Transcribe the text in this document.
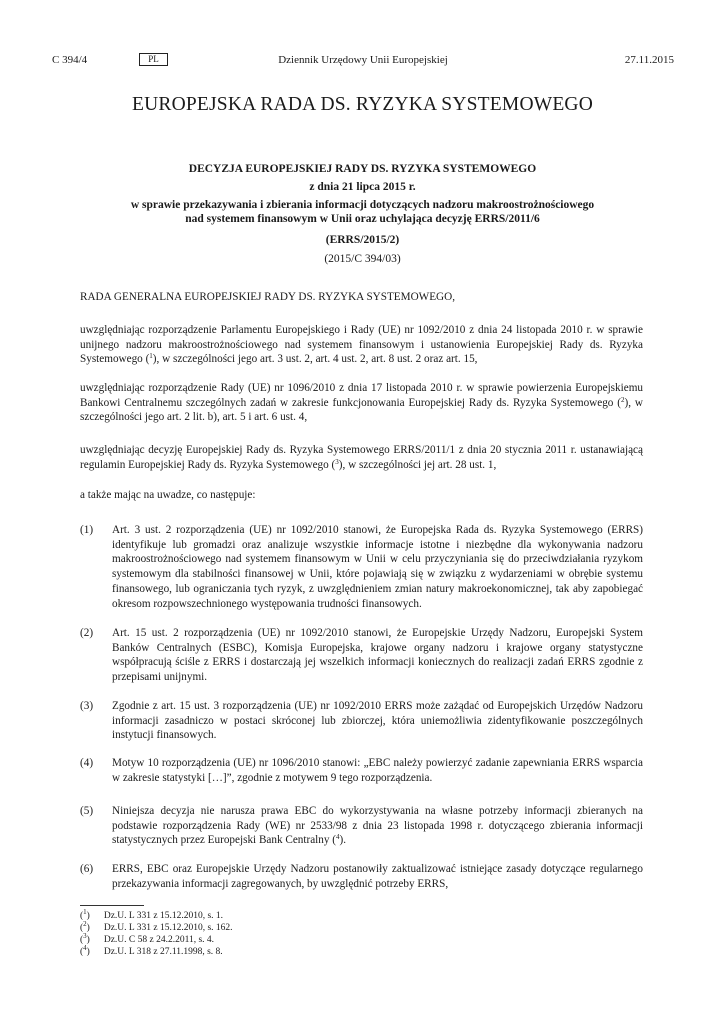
C 394/4	Dziennik Urzędowy Unii Europejskiej
PL	27.11.2015
EUROPEJSKA RADA DS. RYZYKA SYSTEMOWEGO
DECYZJA EUROPEJSKIEJ RADY DS. RYZYKA SYSTEMOWEGO
z dnia 21 lipca 2015 r.
w sprawie przekazywania i zbierania informacji dotyczących nadzoru makroostrożnościowego
nad systemem finansowym w Unii oraz uchylająca decyzję ERRS/2011/6
(ERRS/2015/2)
(2015/C 394/03)
RADA GENERALNA EUROPEJSKIEJ RADY DS. RYZYKA SYSTEMOWEGO,
uwzględniając rozporządzenie Parlamentu Europejskiego i Rady (UE) nr 1092/2010 z dnia 24 listopada 2010 r. w sprawie unijnego nadzoru makroostrożnościowego nad systemem finansowym i ustanowienia Europejskiej Rady ds. Ryzyka Systemowego ($^1$), w szczególności jego art. 3 ust. 2, art. 4 ust. 2, art. 8 ust. 2 oraz art. 15,
uwzględniając rozporządzenie Rady (UE) nr 1096/2010 z dnia 17 listopada 2010 r. w sprawie powierzenia Europejskiemu Bankowi Centralnemu szczególnych zadań w zakresie funkcjonowania Europejskiej Rady ds. Ryzyka Systemowego ($^2$), w szczególności jego art. 2 lit. b), art. 5 i art. 6 ust. 4,
uwzględniając decyzję Europejskiej Rady ds. Ryzyka Systemowego ERRS/2011/1 z dnia 20 stycznia 2011 r. ustanawiającą regulamin Europejskiej Rady ds. Ryzyka Systemowego ($^3$), w szczególności jej art. 28 ust. 1,
a także mając na uwadze, co następuje:
(1) Art. 3 ust. 2 rozporządzenia (UE) nr 1092/2010 stanowi, że Europejska Rada ds. Ryzyka Systemowego (ERRS) identyfikuje lub gromadzi oraz analizuje wszystkie informacje istotne i niezbędne dla wykonywania nadzoru makroostrożnościowego nad systemem finansowym w Unii w celu przyczyniania się do przeciwdziałania ryzykom systemowym dla stabilności finansowej w Unii, które pojawiają się w związku z wydarzeniami w obrębie systemu finansowego, lub ograniczania tych ryzyk, z uwzględnieniem zmian natury makroekonomicznej, tak aby zapobiegać okresom rozpowszechnionego występowania trudności finansowych.
(2) Art. 15 ust. 2 rozporządzenia (UE) nr 1092/2010 stanowi, że Europejskie Urzędy Nadzoru, Europejski System Banków Centralnych (ESBC), Komisja Europejska, krajowe organy nadzoru i krajowe organy statystyczne współpracują ściśle z ERRS i dostarczają jej wszelkich informacji koniecznych do realizacji zadań ERRS zgodnie z przepisami unijnymi.
(3) Zgodnie z art. 15 ust. 3 rozporządzenia (UE) nr 1092/2010 ERRS może zażądać od Europejskich Urzędów Nadzoru informacji zasadniczo w postaci skróconej lub zbiorczej, która uniemożliwia zidentyfikowanie poszczególnych instytucji finansowych.
(4) Motyw 10 rozporządzenia (UE) nr 1096/2010 stanowi: „EBC należy powierzyć zadanie zapewniania ERRS wsparcia w zakresie statystyki […]”, zgodnie z motywem 9 tego rozporządzenia.
(5) Niniejsza decyzja nie narusza prawa EBC do wykorzystywania na własne potrzeby informacji zbieranych na podstawie rozporządzenia Rady (WE) nr 2533/98 z dnia 23 listopada 1998 r. dotyczącego zbierania informacji statystycznych przez Europejski Bank Centralny ($^4$).
(6) ERRS, EBC oraz Europejskie Urzędy Nadzoru postanowiły zaktualizować istniejące zasady dotyczące regularnego przekazywania informacji zagregowanych, by uwzględnić potrzeby ERRS,
($^1$) Dz.U. L 331 z 15.12.2010, s. 1.
($^2$) Dz.U. L 331 z 15.12.2010, s. 162.
($^3$) Dz.U. C 58 z 24.2.2011, s. 4.
($^4$) Dz.U. L 318 z 27.11.1998, s. 8.
